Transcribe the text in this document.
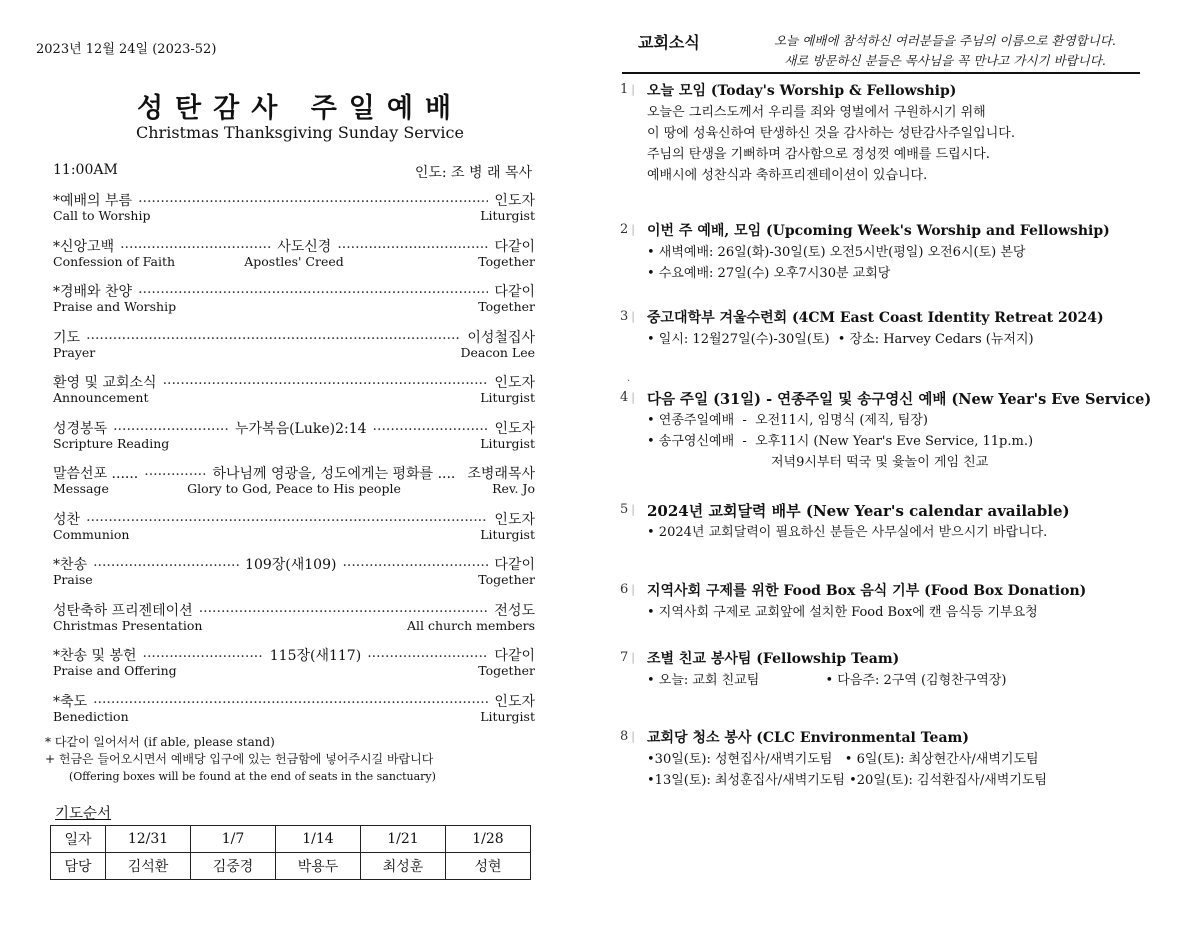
2023년 12월 24일 (2023-52)
성탄감사 주일예배
Christmas Thanksgiving Sunday Service
11:00AM	인도: 조 병 래 목사
*예배의 부름 .....	인도자
Call to Worship	Liturgist
*신앙고백 .....	사도신경 .....	다같이
Confession of Faith	Apostles' Creed	Together
*경배와 찬양 .....	다같이
Praise and Worship	Together
기도 .....	이성철집사
Prayer	Deacon Lee
환영 및 교회소식 .....	인도자
Announcement	Liturgist
성경봉독 .....	누가복음(Luke)2:14 .....	인도자
Scripture Reading	Liturgist
말씀선포 ...... .....	하나님께 영광을, 성도에게는 평화를 .... 조병래목사
Message	Glory to God, Peace to His people	Rev. Jo
성찬 .....	인도자
Communion	Liturgist
*찬송 .....	109장(새109) .....	다같이
Praise	Together
성탄축하 프리젠테이션 .....	전성도
Christmas Presentation	All church members
*찬송 및 봉헌 .....	115장(새117) .....	다같이
Praise and Offering	Together
*축도 .....	인도자
Benediction	Liturgist
* 다같이 일어서서 (if able, please stand)
+ 헌금은 들어오시면서 예배당 입구에 있는 헌금함에 넣어주시길 바랍니다
(Offering boxes will be found at the end of seats in the sanctuary)
기도순서
일자	12/31	1/7	1/14	1/21	1/28
담당	김석환	김중경	박용두	최성훈	성현
교회소식	오늘 예배에 참석하신 여러분들을 주님의 이름으로 환영합니다.
새로 방문하신 분들은 목사님을 꼭 만나고 가시기 바랍니다.
1 |	오늘 모임 (Today's Worship & Fellowship)
오늘은 그리스도께서 우리를 죄와 영벌에서 구원하시기 위해
이 땅에 성육신하여 탄생하신 것을 감사하는 성탄감사주일입니다.
주님의 탄생을 기뻐하며 감사함으로 정성껏 예배를 드립시다.
예배시에 성찬식과 축하프리젠테이션이 있습니다.
2 |	이번 주 예배, 모임 (Upcoming Week's Worship and Fellowship)
• 새벽예배: 26일(화)-30일(토) 오전5시반(평일) 오전6시(토) 본당
• 수요예배: 27일(수) 오후7시30분 교회당
3 |	중고대학부 겨울수련회 (4CM East Coast Identity Retreat 2024)
• 일시: 12월27일(수)-30일(토)  • 장소: Harvey Cedars (뉴저지)
4 |	다음 주일 (31일) - 연종주일 및 송구영신 예배 (New Year's Eve Service)
• 연종주일예배  -  오전11시, 임명식 (제직, 팀장)
• 송구영신예배  -  오후11시 (New Year's Eve Service, 11p.m.)
저녁9시부터 떡국 및 윷놀이 게임 친교
5 |	2024년 교회달력 배부 (New Year's calendar available)
• 2024년 교회달력이 필요하신 분들은 사무실에서 받으시기 바랍니다.
6 |	지역사회 구제를 위한 Food Box 음식 기부 (Food Box Donation)
• 지역사회 구제로 교회앞에 설치한 Food Box에 캔 음식등 기부요청
7 |	조별 친교 봉사팀 (Fellowship Team)
• 오늘: 교회 친교팀                • 다음주: 2구역 (김형찬구역장)
8 |	교회당 청소 봉사 (CLC Environmental Team)
•30일(토): 성현집사/새벽기도팀   • 6일(토): 최상현간사/새벽기도팀
•13일(토): 최성훈집사/새벽기도팀 •20일(토): 김석환집사/새벽기도팀
.
